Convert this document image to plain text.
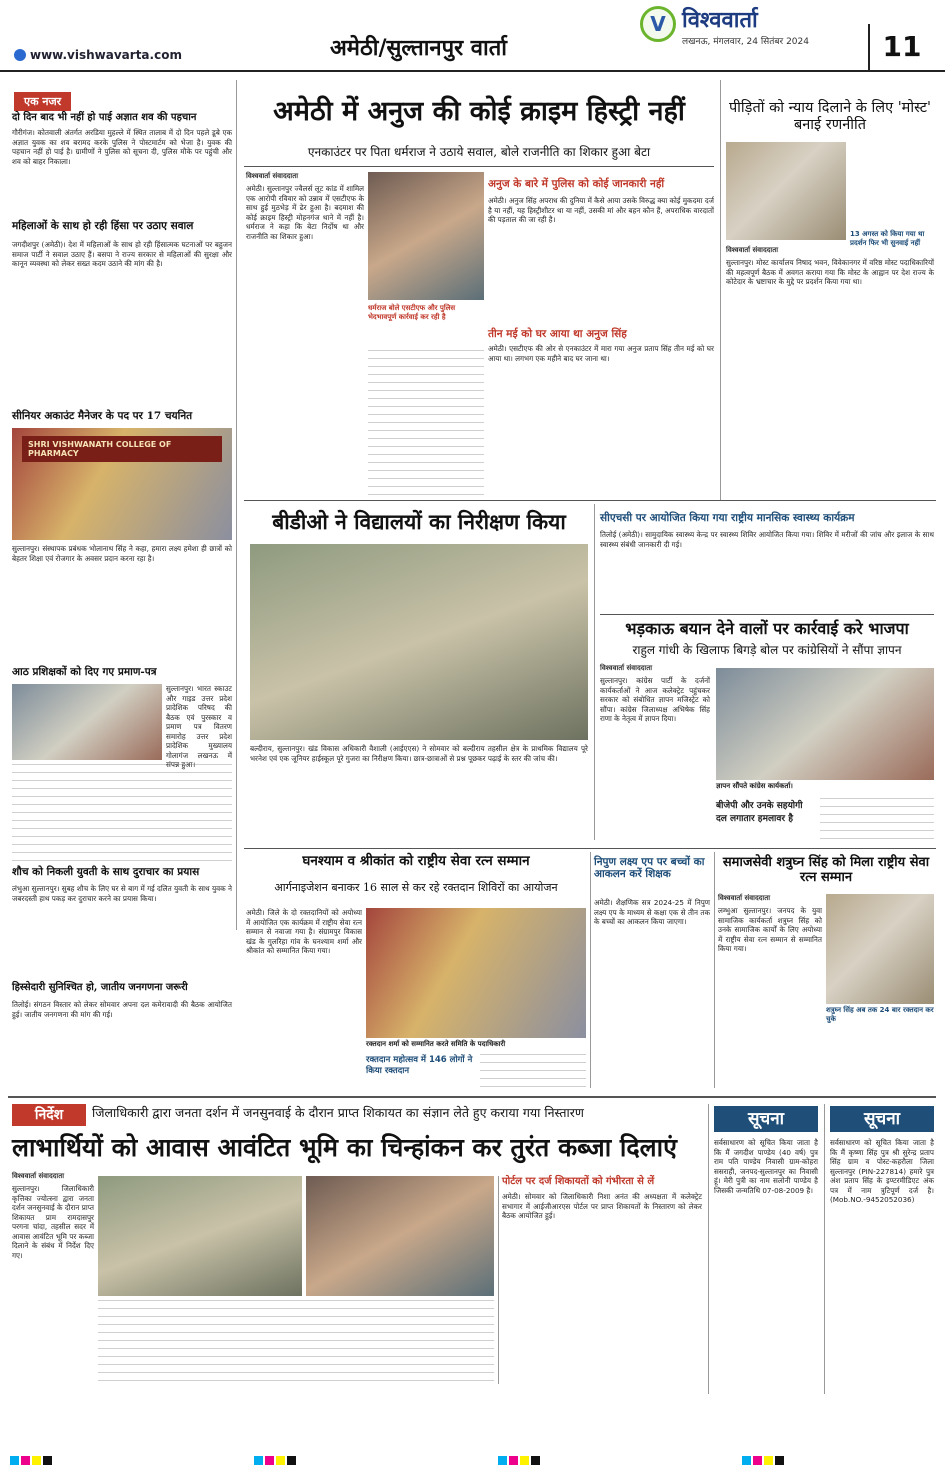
www.vishwavarta.com	अमेठी/सुल्तानपुर वार्ता
V विश्ववार्ता
लखनऊ, मंगलवार, 24 सितंबर 2024	11
एक नजर
दो दिन बाद भी नहीं हो पाई अज्ञात शव की पहचान
गौरीगंज। कोतवाली अंतर्गत अरडिया मुहल्ले में स्थित तालाब में दो दिन पहले डूबे एक अज्ञात युवक का शव बरामद करके पुलिस ने पोस्टमार्टम को भेजा है। युवक की पहचान नहीं हो पाई है। ग्रामीणों ने पुलिस को सूचना दी, पुलिस मौके पर पहुंची और शव को बाहर निकाला।
महिलाओं के साथ हो रही हिंसा पर उठाए सवाल
जगदीशपुर (अमेठी)। देश में महिलाओं के साथ हो रही हिंसात्मक घटनाओं पर बहुजन समाज पार्टी ने सवाल उठाए हैं। बसपा ने राज्य सरकार से महिलाओं की सुरक्षा और कानून व्यवस्था को लेकर सख्त कदम उठाने की मांग की है।
सीनियर अकाउंट मैनेजर के पद पर 17 चयनित
SHRI VISHWANATH COLLEGE OF PHARMACY
सुल्तानपुर। संस्थापक प्रबंधक भोलानाथ सिंह ने कहा, हमारा लक्ष्य हमेशा ही छात्रों को बेहतर शिक्षा एवं रोजगार के अवसर प्रदान करना रहा है।
आठ प्रशिक्षकों को दिए गए प्रमाण-पत्र
सुल्तानपुर। भारत स्काउट और गाइड उत्तर प्रदेश प्रादेशिक परिषद की बैठक एवं पुरस्कार व प्रमाण पत्र वितरण समारोह उत्तर प्रदेश प्रादेशिक मुख्यालय गोलागंज लखनऊ में संपन्न हुआ।
शौच को निकली युवती के साथ दुराचार का प्रयास
लंभुआ सुल्तानपुर। सुबह शौच के लिए घर से बाग में गई दलित युवती के साथ युवक ने जबरदस्ती हाथ पकड़ कर दुराचार करने का प्रयास किया।
हिस्सेदारी सुनिश्चित हो, जातीय जनगणना जरूरी
तिलोई। संगठन विस्तार को लेकर सोमवार अपना दल कमेरावादी की बैठक आयोजित हुई। जातीय जनगणना की मांग की गई।
अमेठी में अनुज की कोई क्राइम हिस्ट्री नहीं
एनकाउंटर पर पिता धर्मराज ने उठाये सवाल, बोले राजनीति का शिकार हुआ बेटा
विश्ववार्ता संवाददाता
अमेठी। सुल्तानपुर ज्वैलर्स लूट कांड में शामिल एक आरोपी रविवार को उन्नाव में एसटीएफ के साथ हुई मुठभेड़ में ढेर हुआ है। बदमाश की कोई क्राइम हिस्ट्री मोहनगंज थाने में नहीं है। धर्मराज ने कहा कि बेटा निर्दोष था और राजनीति का शिकार हुआ।
धर्मराज बोले एसटीएफ और पुलिस भेदभावपूर्ण कार्रवाई कर रही है
अनुज के बारे में पुलिस को कोई जानकारी नहीं
अमेठी। अनुज सिंह अपराध की दुनिया में कैसे आया उसके विरुद्ध क्या कोई मुकदमा दर्ज है या नहीं, यह हिस्ट्रीशीटर था या नहीं, उसकी मां और बहन कौन हैं, अपराधिक वारदातों की पड़ताल की जा रही है।
तीन मई को घर आया था अनुज सिंह
अमेठी। एसटीएफ की ओर से एनकाउंटर में मारा गया अनुज प्रताप सिंह तीन मई को घर आया था। लगभग एक महीने बाद घर जाना था।
पीड़ितों को न्याय दिलाने के लिए 'मोस्ट' बनाई रणनीति
13 अगस्त को किया गया था प्रदर्शन फिर भी सुनवाई नहीं
विश्ववार्ता संवाददाता
सुल्तानपुर। मोस्ट कार्यालय निषाद भवन, विवेकानगर में वरिष्ठ मोस्ट पदाधिकारियों की महत्वपूर्ण बैठक में अवगत कराया गया कि मोस्ट के आह्वान पर देश राज्य के कोटेदार के भ्रष्टाचार के मुद्दे पर प्रदर्शन किया गया था।
बीडीओ ने विद्यालयों का निरीक्षण किया
बल्दीराय, सुल्तानपुर। खंड विकास अधिकारी वैशाली (आईएएस) ने सोमवार को बल्दीराय तहसील क्षेत्र के प्राथमिक विद्यालय पूरे भरनेश एवं एक जूनियर हाईस्कूल पूरे गुजरा का निरीक्षण किया। छात्र-छात्राओं से प्रश्न पूछकर पढ़ाई के स्तर की जांच की।
सीएचसी पर आयोजित किया गया राष्ट्रीय मानसिक स्वास्थ्य कार्यक्रम
तिलोई (अमेठी)। सामुदायिक स्वास्थ्य केन्द्र पर स्वास्थ्य शिविर आयोजित किया गया। शिविर में मरीजों की जांच और इलाज के साथ स्वास्थ्य संबंधी जानकारी दी गई।
भड़काऊ बयान देने वालों पर कार्रवाई करे भाजपा
राहुल गांधी के खिलाफ बिगड़े बोल पर कांग्रेसियों ने सौंपा ज्ञापन
विश्ववार्ता संवाददाता
सुल्तानपुर। कांग्रेस पार्टी के दर्जनों कार्यकर्ताओं ने आज कलेक्ट्रेट पहुंचकर सरकार को संबोधित ज्ञापन मजिस्ट्रेट को सौंपा। कांग्रेस जिलाध्यक्ष अभिषेक सिंह राणा के नेतृत्व में ज्ञापन दिया।
ज्ञापन सौंपते कांग्रेस कार्यकर्ता।
बीजेपी और उनके सहयोगी दल लगातार हमलावर है
घनश्याम व श्रीकांत को राष्ट्रीय सेवा रत्न सम्मान
आर्गनाइजेशन बनाकर 16 साल से कर रहे रक्तदान शिविरों का आयोजन
अमेठी। जिले के दो रक्तदानियों को अयोध्या में आयोजित एक कार्यक्रम में राष्ट्रीय सेवा रत्न सम्मान से नवाजा गया है। संग्रामपुर विकास खंड के गुलरिहा गांव के घनश्याम शर्मा और श्रीकांत को सम्मानित किया गया।
रक्तदान शर्मा को सम्मानित करते समिति के पदाधिकारी
रक्तदान महोत्सव में 146 लोगों ने किया रक्तदान
निपुण लक्ष्य एप पर बच्चों का आकलन करें शिक्षक
अमेठी। शैक्षणिक सत्र 2024-25 में निपुण लक्ष्य एप के माध्यम से कक्षा एक से तीन तक के बच्चों का आकलन किया जाएगा।
समाजसेवी शत्रुघ्न सिंह को मिला राष्ट्रीय सेवा रत्न सम्मान
विश्ववार्ता संवाददाता
लम्भुआ सुल्तानपुर। जनपद के युवा सामाजिक कार्यकर्ता शत्रुघ्न सिंह को उनके सामाजिक कार्यों के लिए अयोध्या में राष्ट्रीय सेवा रत्न सम्मान से सम्मानित किया गया।
शत्रुघ्न सिंह अब तक 24 बार रक्तदान कर चुके
निर्देश	जिलाधिकारी द्वारा जनता दर्शन में जनसुनवाई के दौरान प्राप्त शिकायत का संज्ञान लेते हुए कराया गया निस्तारण
लाभार्थियों को आवास आवंटित भूमि का चिन्हांकन कर तुरंत कब्जा दिलाएं
विश्ववार्ता संवाददाता
सुल्तानपुर। जिलाधिकारी कृत्तिका ज्योत्स्ना द्वारा जनता दर्शन जनसुनवाई के दौरान प्राप्त शिकायत प्राम रामदासपुर परगना चांदा, तहसील सदर में आवास आवंटित भूमि पर कब्जा दिलाने के संबंध में निर्देश दिए गए।
पोर्टल पर दर्ज शिकायतों को गंभीरता से लें
अमेठी। सोमवार को जिलाधिकारी निशा अनंत की अध्यक्षता में कलेक्ट्रेट सभागार में आईजीआरएस पोर्टल पर प्राप्त शिकायतों के निस्तारण को लेकर बैठक आयोजित हुई।
सूचना
सर्वसाधारण को सूचित किया जाता है कि मैं जगदीश पाण्डेय (40 वर्ष) पुत्र राम पति पाण्डेय निवासी ग्राम-कोहरा ससराही, जनपद-सुल्तानपुर का निवासी हूं। मेरी पुत्री का नाम सलोनी पाण्डेय है जिसकी जन्मतिथि 07-08-2009 है।
सूचना
सर्वसाधारण को सूचित किया जाता है कि मैं कृष्णा सिंह पुत्र श्री सुरेन्द्र प्रताप सिंह ग्राम व पोस्ट-कहरौला जिला सुल्तानपुर (PIN-227814) हमारे पुत्र अंश प्रताप सिंह के इण्टरमीडिएट अंक पत्र में नाम त्रुटिपूर्ण दर्ज है। (Mob.NO.-9452052036)
